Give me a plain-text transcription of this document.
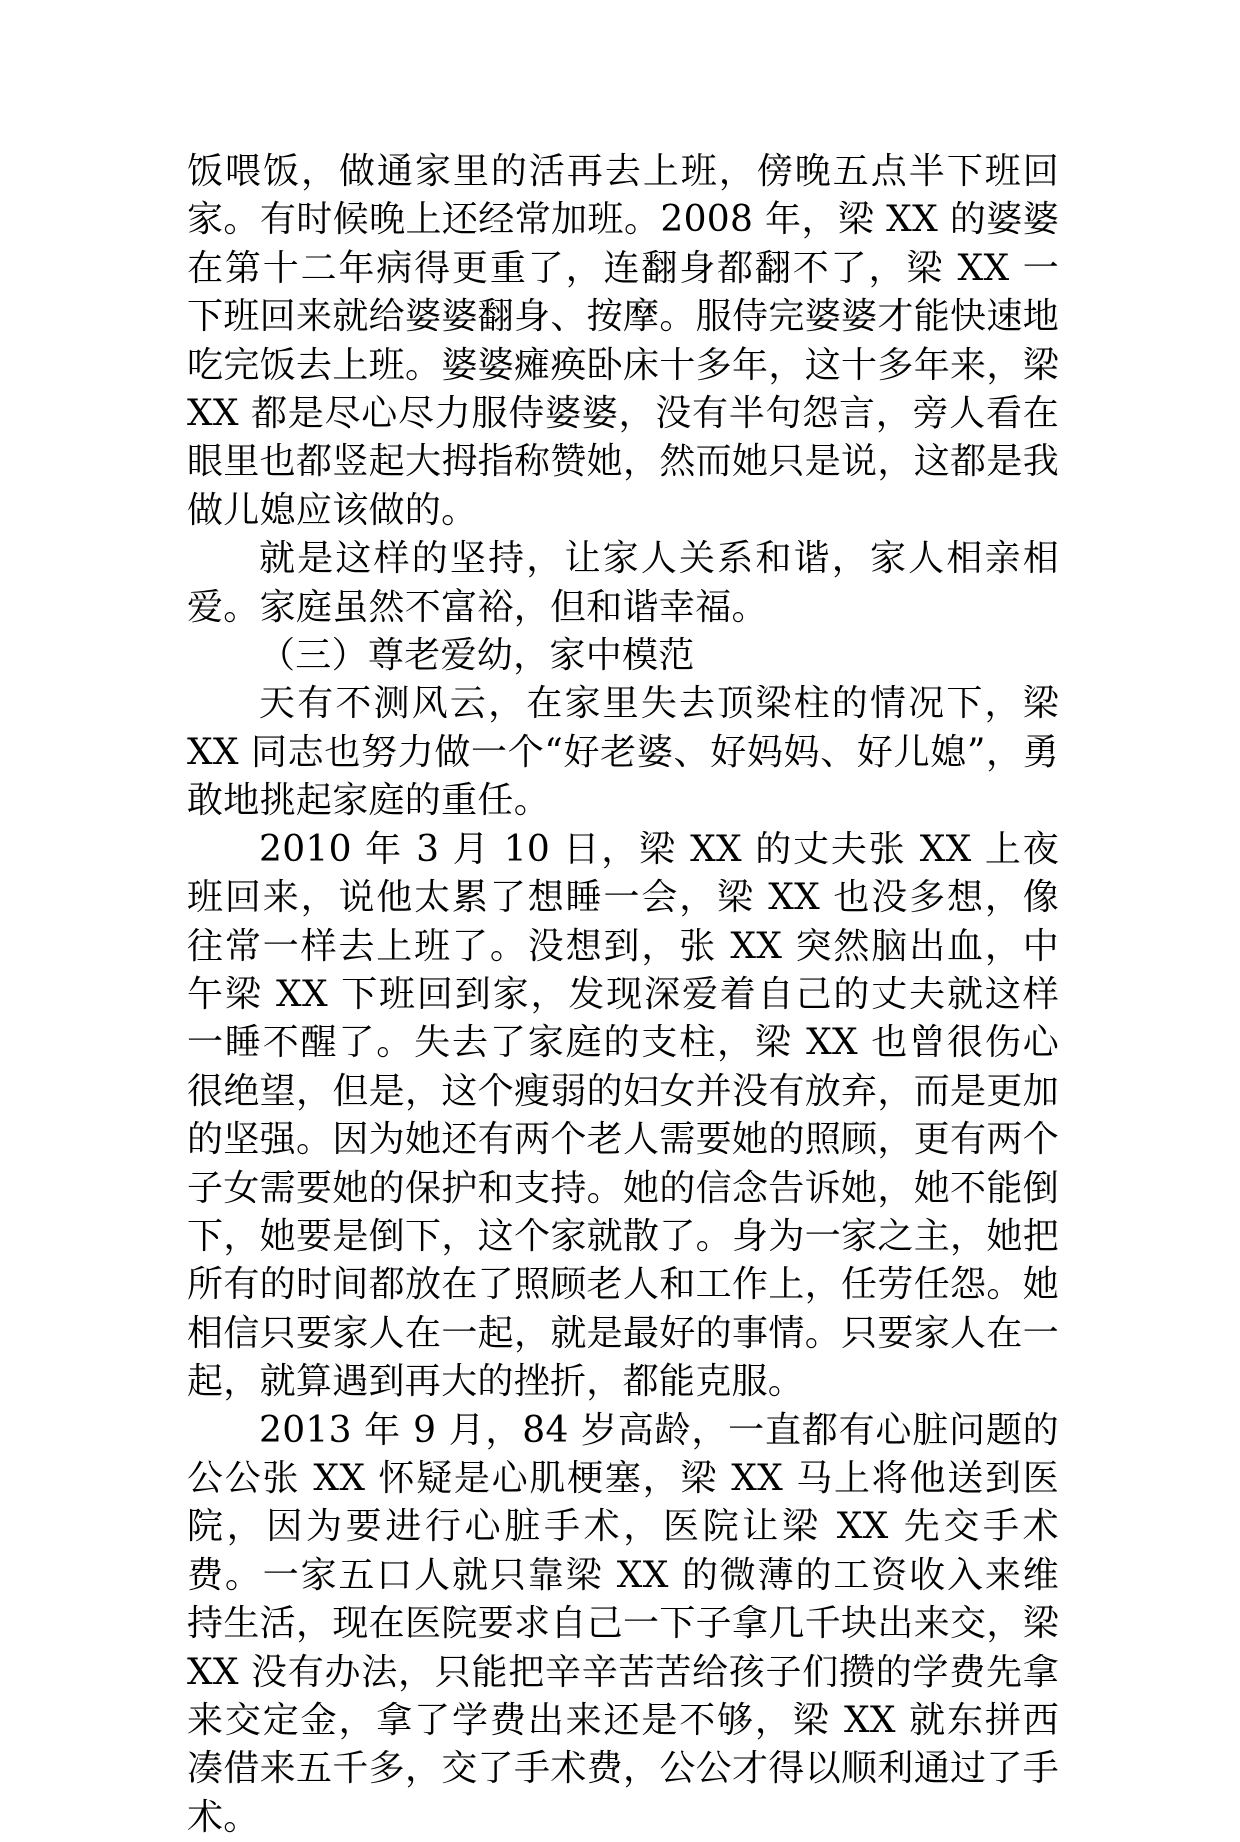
饭喂饭，做通家里的活再去上班，傍晚五点半下班回家。有时候晚上还经常加班。2008 年，梁 XX 的婆婆在第十二年病得更重了，连翻身都翻不了，梁 XX 一下班回来就给婆婆翻身、按摩。服侍完婆婆才能快速地吃完饭去上班。婆婆瘫痪卧床十多年，这十多年来，梁 XX 都是尽心尽力服侍婆婆，没有半句怨言，旁人看在眼里也都竖起大拇指称赞她，然而她只是说，这都是我做儿媳应该做的。

就是这样的坚持，让家人关系和谐，家人相亲相爱。家庭虽然不富裕，但和谐幸福。

（三）尊老爱幼，家中模范

天有不测风云，在家里失去顶梁柱的情况下，梁 XX 同志也努力做一个“好老婆、好妈妈、好儿媳”，勇敢地挑起家庭的重任。

2010 年 3 月 10 日，梁 XX 的丈夫张 XX 上夜班回来，说他太累了想睡一会，梁 XX 也没多想，像往常一样去上班了。没想到，张 XX 突然脑出血，中午梁 XX 下班回到家，发现深爱着自己的丈夫就这样一睡不醒了。失去了家庭的支柱，梁 XX 也曾很伤心很绝望，但是，这个瘦弱的妇女并没有放弃，而是更加的坚强。因为她还有两个老人需要她的照顾，更有两个子女需要她的保护和支持。她的信念告诉她，她不能倒下，她要是倒下，这个家就散了。身为一家之主，她把所有的时间都放在了照顾老人和工作上，任劳任怨。她相信只要家人在一起，就是最好的事情。只要家人在一起，就算遇到再大的挫折，都能克服。

2013 年 9 月，84 岁高龄，一直都有心脏问题的公公张 XX 怀疑是心肌梗塞，梁 XX 马上将他送到医院，因为要进行心脏手术，医院让梁 XX 先交手术费。一家五口人就只靠梁 XX 的微薄的工资收入来维持生活，现在医院要求自己一下子拿几千块出来交，梁 XX 没有办法，只能把辛辛苦苦给孩子们攒的学费先拿来交定金，拿了学费出来还是不够，梁 XX 就东拼西凑借来五千多，交了手术费，公公才得以顺利通过了手术。
